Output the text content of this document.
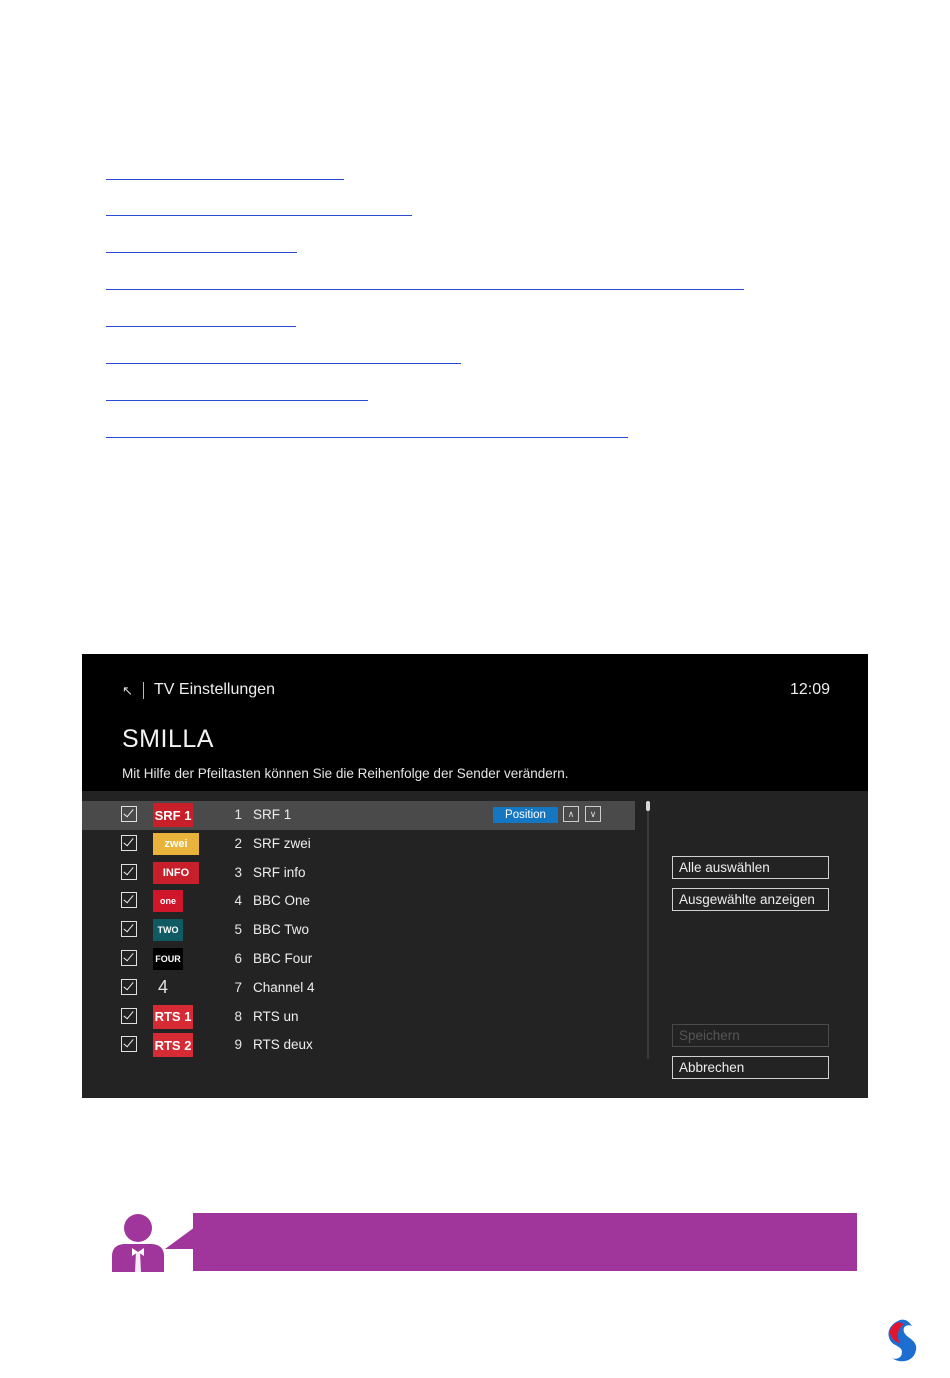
↖ TV Einstellungen	12:09
SMILLA
Mit Hilfe der Pfeiltasten können Sie die Reihenfolge der Sender verändern.
SRF 1	1 SRF 1	Position	∧	∨
zwei	2 SRF zwei
INFO	3 SRF info
one	4 BBC One
TWO	5 BBC Two
FOUR	6 BBC Four
4	7 Channel 4
RTS 1	8 RTS un
RTS 2	9 RTS deux
Alle auswählen
Ausgewählte anzeigen
Speichern
Abbrechen
